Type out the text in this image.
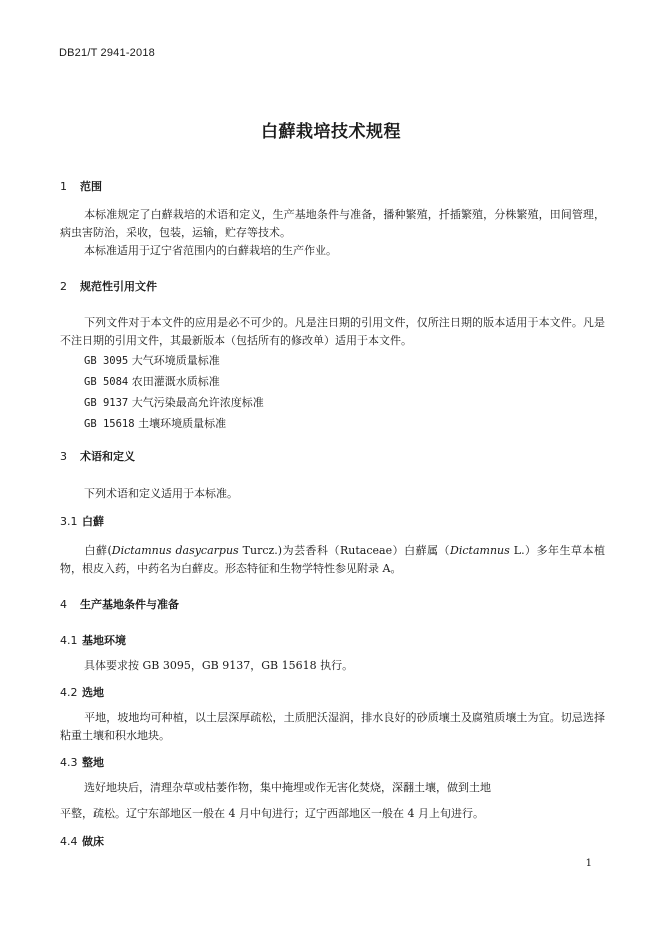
DB21/T 2941-2018
白蘚栽培技术规程
1 范围
本标准规定了白蘚栽培的术语和定义，生产基地条件与准备，播种繁殖，扦插繁殖，分株繁殖，田间管理，病虫害防治，采收，包装，运输，贮存等技术。
本标准适用于辽宁省范围内的白蘚栽培的生产作业。
2 规范性引用文件
下列文件对于本文件的应用是必不可少的。凡是注日期的引用文件，仅所注日期的版本适用于本文件。凡是不注日期的引用文件，其最新版本（包括所有的修改单）适用于本文件。
GB 3095 大气环境质量标准
GB 5084 农田灌溉水质标准
GB 9137 大气污染最高允许浓度标准
GB 15618 土壤环境质量标准
3 术语和定义
下列术语和定义适用于本标准。
3.1 白蘚
白蘚(Dictamnus dasycarpus Turcz.)为芸香科（Rutaceae）白蘚属（Dictamnus L.）多年生草本植物，根皮入药，中药名为白蘚皮。形态特征和生物学特性参见附录 A。
4 生产基地条件与准备
4.1 基地环境
具体要求按 GB 3095，GB 9137，GB 15618 执行。
4.2 选地
平地，坡地均可种植，以土层深厚疏松，土质肥沃湿润，排水良好的砂质壤土及腐殖质壤土为宜。切忌选择粘重土壤和积水地块。
4.3 整地
选好地块后，清理杂草或枯萎作物，集中掩埋或作无害化焚烧，深翻土壤，做到土地
平整，疏松。辽宁东部地区一般在 4 月中旬进行；辽宁西部地区一般在 4 月上旬进行。
4.4 做床
1
